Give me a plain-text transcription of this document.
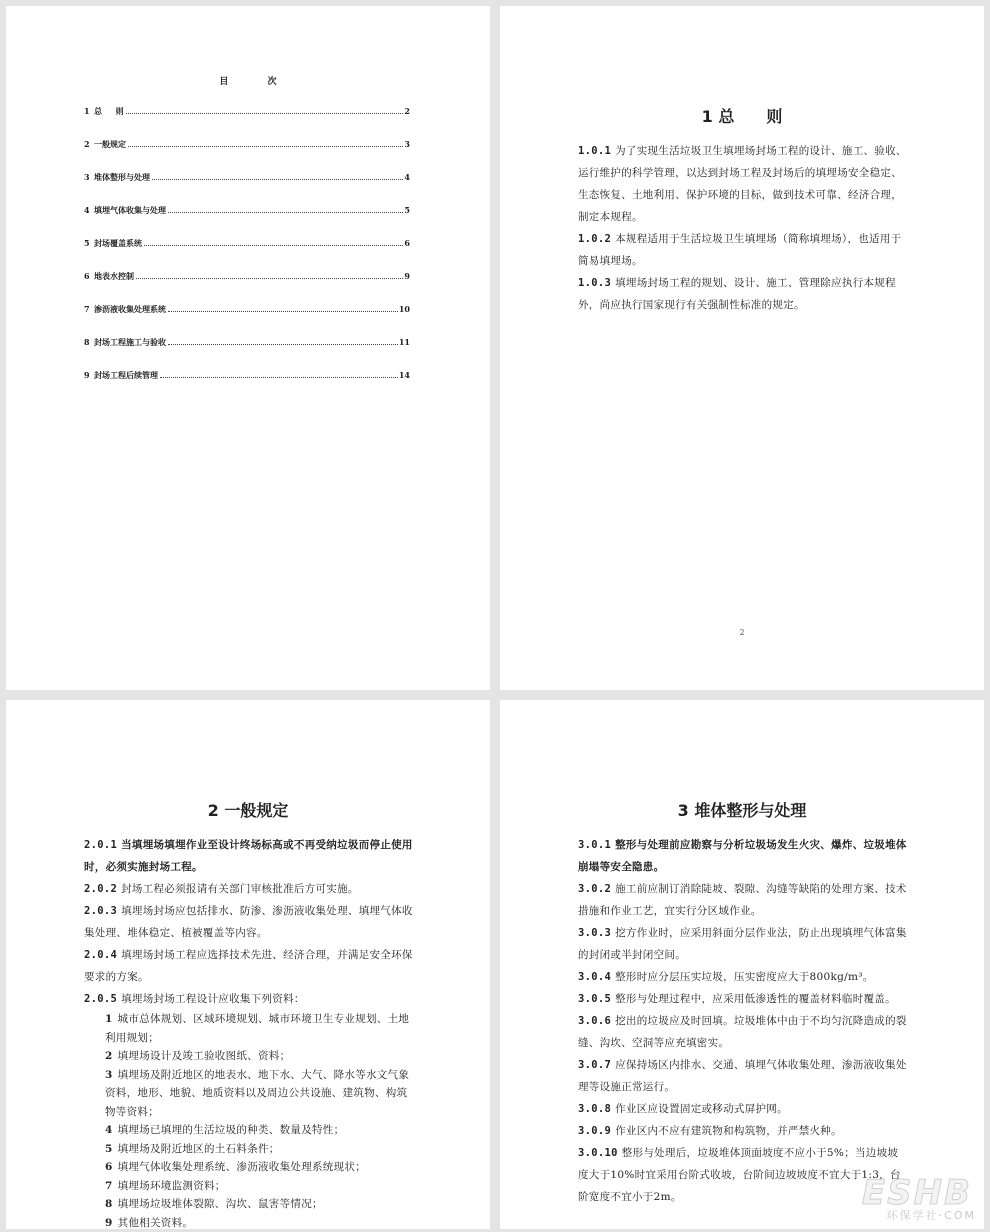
目 次
1 总 　 则	2
2 一般规定	3
3 堆体整形与处理	4
4 填埋气体收集与处理	5
5 封场覆盖系统	6
6 地表水控制	9
7 渗沥液收集处理系统	10
8 封场工程施工与验收	11
9 封场工程后续管理	14
1 总　　则

1.0.1 为了实现生活垃圾卫生填埋场封场工程的设计、施工、验收、运行维护的科学管理，以达到封场工程及封场后的填埋场安全稳定、生态恢复、土地利用、保护环境的目标，做到技术可靠、经济合理，制定本规程。

1.0.2 本规程适用于生活垃圾卫生填埋场（简称填埋场），也适用于简易填埋场。

1.0.3 填埋场封场工程的规划、设计、施工、管理除应执行本规程外，尚应执行国家现行有关强制性标准的规定。

2
2 一般规定

2.0.1 当填埋场填埋作业至设计终场标高或不再受纳垃圾而停止使用时，必须实施封场工程。

2.0.2 封场工程必须报请有关部门审核批准后方可实施。

2.0.3 填埋场封场应包括排水、防渗、渗沥液收集处理、填埋气体收集处理、堆体稳定、植被覆盖等内容。

2.0.4 填埋场封场工程应选择技术先进、经济合理，并满足安全环保要求的方案。

2.0.5 填埋场封场工程设计应收集下列资料：

1 城市总体规划、区域环境规划、城市环境卫生专业规划、土地利用规划；

2 填埋场设计及竣工验收图纸、资料；

3 填埋场及附近地区的地表水、地下水、大气、降水等水文气象资料，地形、地貌、地质资料以及周边公共设施、建筑物、构筑物等资料；

4 填埋场已填埋的生活垃圾的种类、数量及特性；

5 填埋场及附近地区的土石料条件；

6 填埋气体收集处理系统、渗沥液收集处理系统现状；

7 填埋场环境监测资料；

8 填埋场垃圾堆体裂隙、沟坎、鼠害等情况；

9 其他相关资料。

3 堆体整形与处理

3.0.1 整形与处理前应勘察与分析垃圾场发生火灾、爆炸、垃圾堆体崩塌等安全隐患。

3.0.2 施工前应制订消除陡坡、裂隙、沟缝等缺陷的处理方案、技术措施和作业工艺，宜实行分区域作业。

3.0.3 挖方作业时，应采用斜面分层作业法，防止出现填埋气体富集的封闭或半封闭空间。

3.0.4 整形时应分层压实垃圾，压实密度应大于800kg/m³。

3.0.5 整形与处理过程中，应采用低渗透性的覆盖材料临时覆盖。

3.0.6 挖出的垃圾应及时回填。垃圾堆体中由于不均匀沉降造成的裂缝、沟坎、空洞等应充填密实。

3.0.7 应保持场区内排水、交通、填埋气体收集处理、渗沥液收集处理等设施正常运行。

3.0.8 作业区应设置固定或移动式屏护网。

3.0.9 作业区内不应有建筑物和构筑物，并严禁火种。

3.0.10 整形与处理后，垃圾堆体顶面坡度不应小于5%；当边坡坡度大于10%时宜采用台阶式收坡，台阶间边坡坡度不宜大于1:3，台阶宽度不宜小于2m。	ESHB
环保学社·COM
